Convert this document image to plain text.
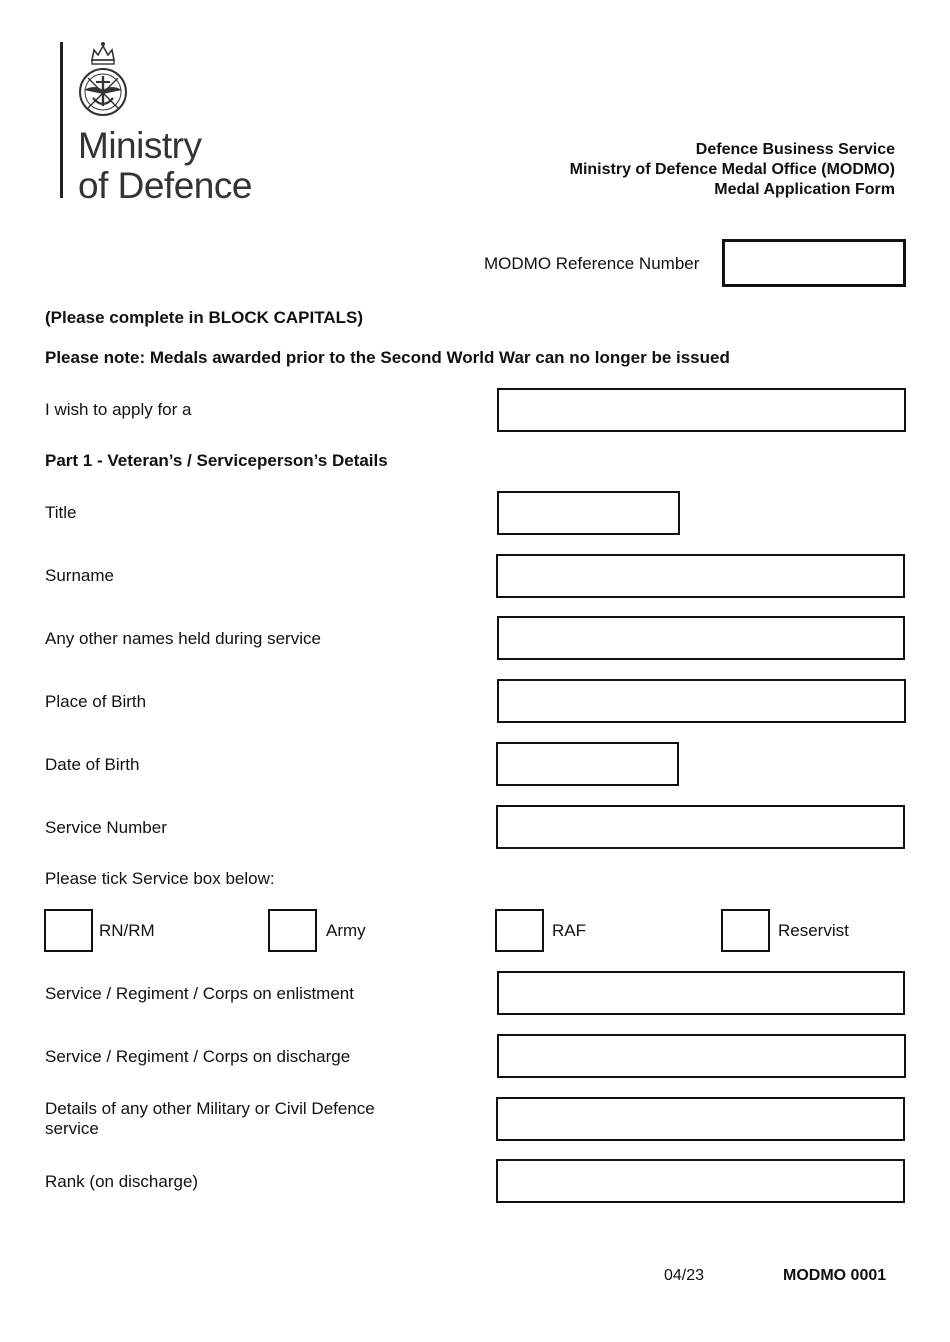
Ministry
of Defence
Defence Business Service
Ministry of Defence Medal Office (MODMO)
Medal Application Form
MODMO Reference Number
(Please complete in BLOCK CAPITALS)
Please note: Medals awarded prior to the Second World War can no longer be issued
I wish to apply for a
Part 1 - Veteran’s / Serviceperson’s Details
Title
Surname
Any other names held during service
Place of Birth
Date of Birth
Service Number
Please tick Service box below:
RN/RM	Army	RAF	Reservist
Service / Regiment / Corps on enlistment
Service / Regiment / Corps on discharge
Details of any other Military or Civil Defence service
Rank (on discharge)
04/23	MODMO 0001
